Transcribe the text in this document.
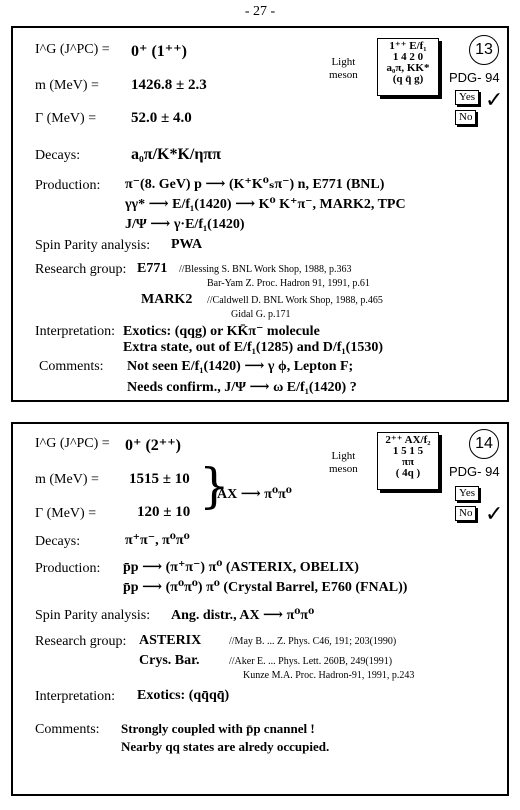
- 27 -
I^G (J^PC) = 0⁺ (1⁺⁺)
m (MeV) = 1426.8 ± 2.3
Γ (MeV) = 52.0 ± 4.0
Light
meson
1⁺⁺ E/f₁
1 4 2 0
a₀π, KK*
(q q̄ g)
13
PDG- 94
Yes
No
✓
Decays:	a₀π/K*K/ηππ
Production: π⁻(8. GeV) p ⟶ (K⁺K⁰ₛπ⁻) n, E771 (BNL)
γγ* ⟶ E/f₁(1420) ⟶ K⁰ K⁺π⁻, MARK2, TPC
J/Ψ ⟶ γ·E/f₁(1420)
Spin Parity analysis: PWA
Research group: E771 //Blessing S. BNL Work Shop, 1988, p.363
Bar-Yam Z. Proc. Hadron 91, 1991, p.61
MARK2 //Caldwell D. BNL Work Shop, 1988, p.465
Gidal G. p.171
Interpretation: Exotics: (qqg) or KK̄π⁻ molecule
Extra state, out of E/f₁(1285) and D/f₁(1530)
Comments: Not seen E/f₁(1420) ⟶ γ ϕ, Lepton F;
Needs confirm., J/Ψ ⟶ ω E/f₁(1420) ?
I^G (J^PC) = 0⁺ (2⁺⁺)
m (MeV) = 1515 ± 10
Γ (MeV) =	120 ± 10 }
AX ⟶ π⁰π⁰
Light
meson
2⁺⁺ AX/f₂
1 5 1 5
ππ
( 4q )
14
PDG- 94
Yes
No ✓
Decays:	π⁺π⁻, π⁰π⁰
Production: p̄p ⟶ (π⁺π⁻) π⁰ (ASTERIX, OBELIX)
p̄p ⟶ (π⁰π⁰) π⁰ (Crystal Barrel, E760 (FNAL))
Spin Parity analysis: Ang. distr., AX ⟶ π⁰π⁰
Research group: ASTERIX	//May B. ... Z. Phys. C46, 191; 203(1990)
Crys. Bar.	//Aker E. ... Phys. Lett. 260B, 249(1991)
Kunze M.A. Proc. Hadron-91, 1991, p.243
Interpretation: Exotics: (qq̄qq̄)
Comments: Strongly coupled with p̄p cnannel !
Nearby qq states are alredy occupied.
